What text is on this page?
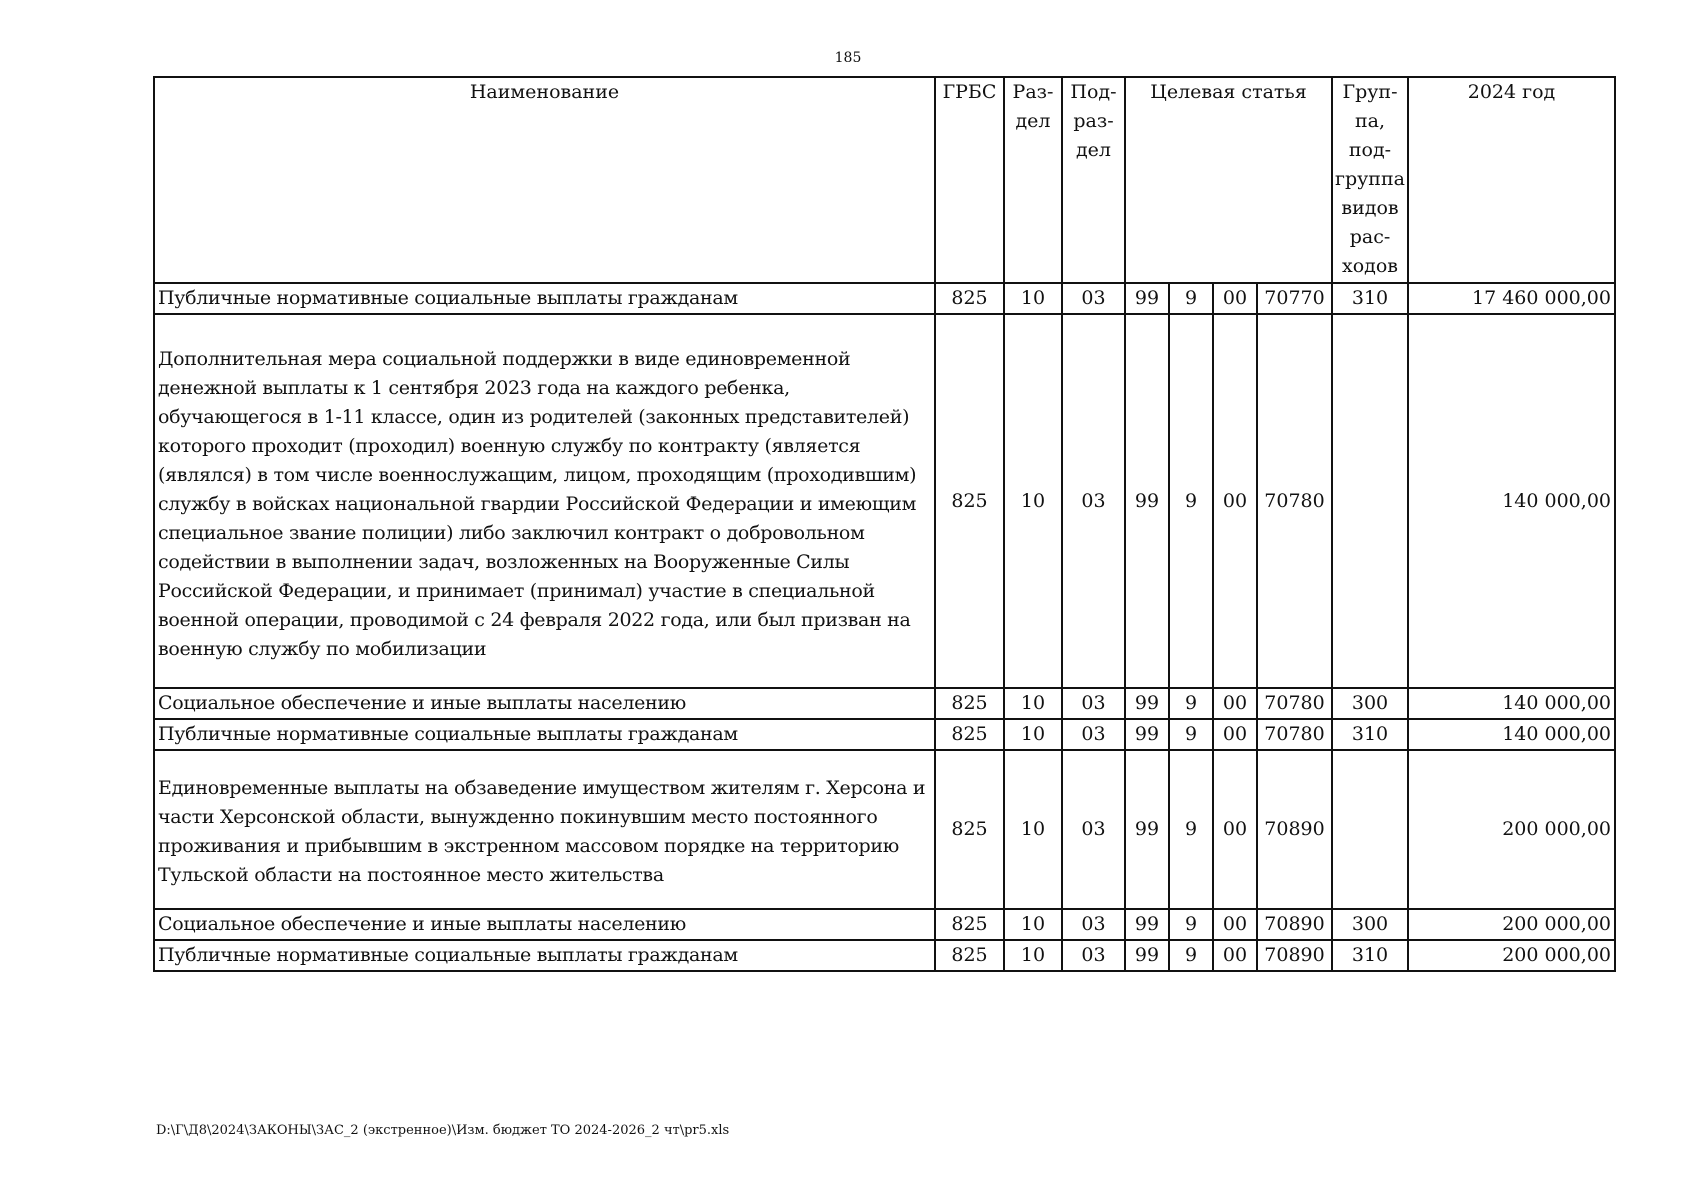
185
Наименование	ГРБС	Раз- дел	Под- раз- дел	Целевая статья				Груп- па, под- группа видов рас- ходов	2024 год
Публичные нормативные социальные выплаты гражданам	825	10	03	99	9	00	70770	310	17 460 000,00
Дополнительная мера социальной поддержки в виде единовременной денежной выплаты к 1 сентября 2023 года на каждого ребенка, обучающегося в 1-11 классе, один из родителей (законных представителей) которого проходит (проходил) военную службу по контракту (является (являлся) в том числе военнослужащим, лицом, проходящим (проходившим) службу в войсках национальной гвардии Российской Федерации и имеющим специальное звание полиции) либо заключил контракт о добровольном содействии в выполнении задач, возложенных на Вооруженные Силы Российской Федерации, и принимает (принимал) участие в специальной военной операции, проводимой с 24 февраля 2022 года, или был призван на военную службу по мобилизации	825	10	03	99	9	00	70780		140 000,00
Социальное обеспечение и иные выплаты населению	825	10	03	99	9	00	70780	300	140 000,00
Публичные нормативные социальные выплаты гражданам	825	10	03	99	9	00	70780	310	140 000,00
Единовременные выплаты на обзаведение имуществом жителям г. Херсона и части Херсонской области, вынужденно покинувшим место постоянного проживания и прибывшим в экстренном массовом порядке на территорию Тульской области на постоянное место жительства	825	10	03	99	9	00	70890		200 000,00
Социальное обеспечение и иные выплаты населению	825	10	03	99	9	00	70890	300	200 000,00
Публичные нормативные социальные выплаты гражданам	825	10	03	99	9	00	70890	310	200 000,00
D:\Г\Д8\2024\ЗАКОНЫ\ЗАС_2 (экстренное)\Изм. бюджет ТО 2024-2026_2 чт\pr5.xls
